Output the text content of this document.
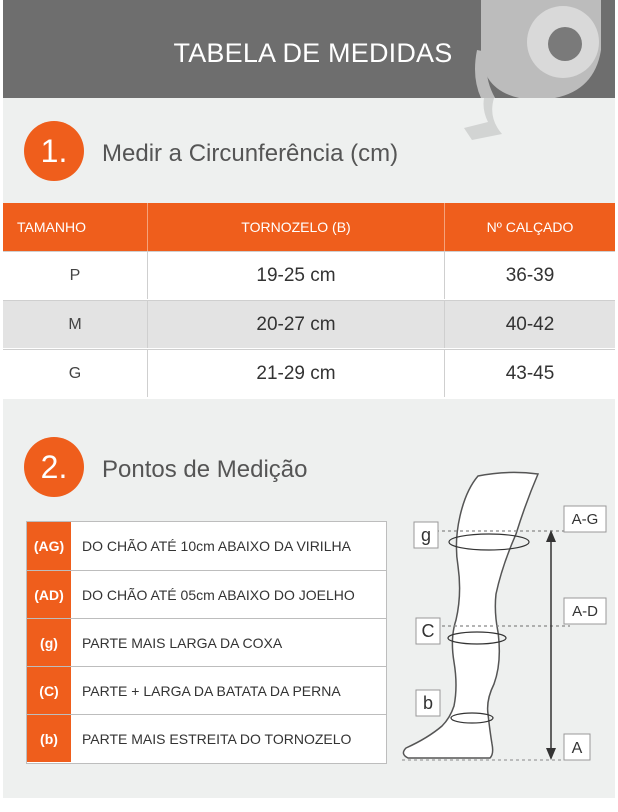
TABELA DE MEDIDAS
1.	Medir a Circunferência (cm)
TAMANHO	TORNOZELO (B)	Nº CALÇADO
P	19-25 cm	36-39
M	20-27 cm	40-42
G	21-29 cm	43-45
2.	Pontos de Medição
(AG)	DO CHÃO ATÉ 10cm ABAIXO DA VIRILHA
(AD)	DO CHÃO ATÉ 05cm ABAIXO DO JOELHO
(g)	PARTE MAIS LARGA DA COXA
(C)	PARTE + LARGA DA BATATA DA PERNA
(b)	PARTE MAIS ESTREITA DO TORNOZELO
g
C
b
A-G
A-D
A
